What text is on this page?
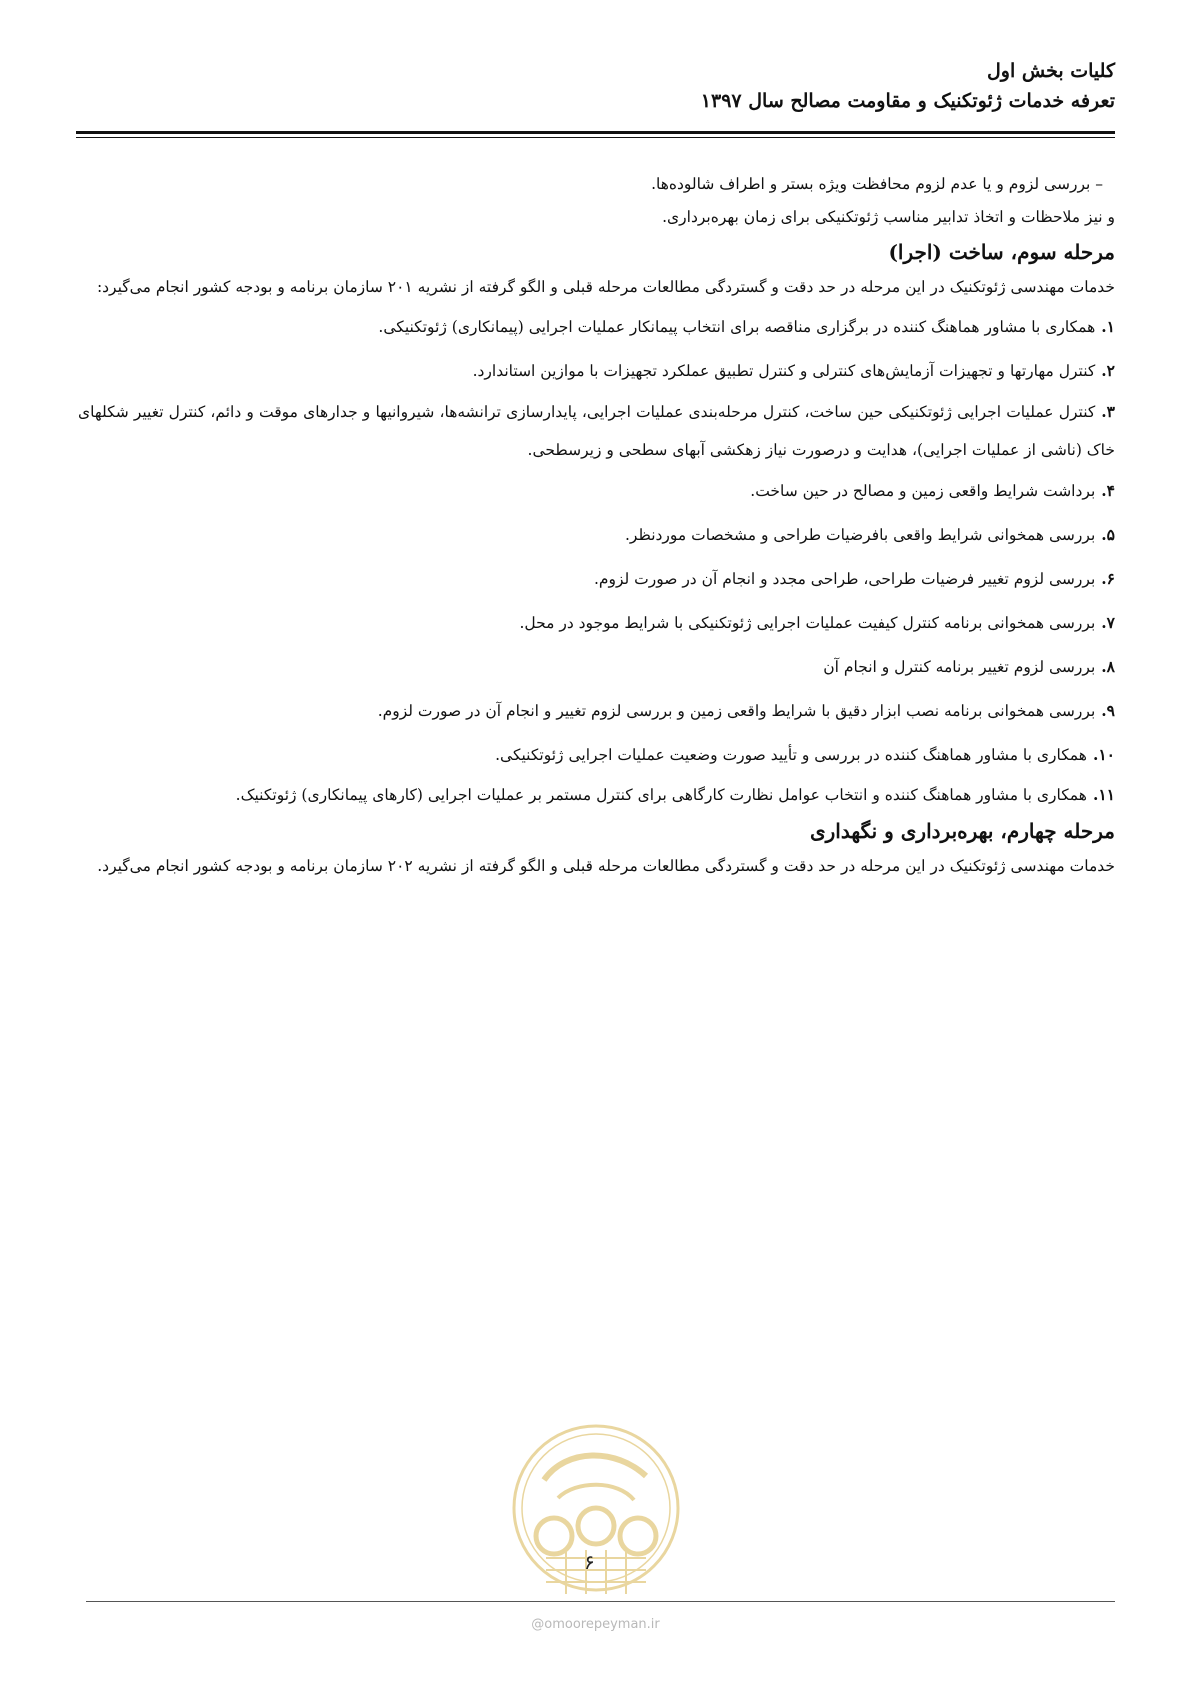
کلیات بخش اول

تعرفه خدمات ژئوتکنیک و مقاومت مصالح سال ۱۳۹۷

– بررسی لزوم و یا عدم لزوم محافظت ویژه بستر و اطراف شالوده‌ها.

و نیز ملاحظات و اتخاذ تدابیر مناسب ژئوتکنیکی برای زمان بهره‌برداری.

مرحله سوم، ساخت (اجرا)

خدمات مهندسی ژئوتکنیک در این مرحله در حد دقت و گستردگی مطالعات مرحله قبلی و الگو گرفته از نشریه ۲۰۱ سازمان برنامه و بودجه کشور انجام می‌گیرد:

۱.همکاری با مشاور هماهنگ کننده در برگزاری مناقصه برای انتخاب پیمانکار عملیات اجرایی (پیمانکاری) ژئوتکنیکی.
۲.کنترل مهارتها و تجهیزات آزمایش‌های کنترلی و کنترل تطبیق عملکرد تجهیزات با موازین استاندارد.
۳.کنترل عملیات اجرایی ژئوتکنیکی حین ساخت، کنترل مرحله‌بندی عملیات اجرایی، پایدارسازی ترانشه‌ها، شیروانیها و جدارهای موقت و دائم، کنترل تغییر شکلهای خاک (ناشی از عملیات اجرایی)، هدایت و درصورت نیاز زهکشی آبهای سطحی و زیرسطحی.
۴.برداشت شرایط واقعی زمین و مصالح در حین ساخت.
۵.بررسی همخوانی شرایط واقعی بافرضیات طراحی و مشخصات موردنظر.
۶.بررسی لزوم تغییر فرضیات طراحی، طراحی مجدد و انجام آن در صورت لزوم.
۷.بررسی همخوانی برنامه کنترل کیفیت عملیات اجرایی ژئوتکنیکی با شرایط موجود در محل.
۸.بررسی لزوم تغییر برنامه کنترل و انجام آن
۹.بررسی همخوانی برنامه نصب ابزار دقیق با شرایط واقعی زمین و بررسی لزوم تغییر و انجام آن در صورت لزوم.
۱۰.همکاری با مشاور هماهنگ کننده در بررسی و تأیید صورت وضعیت عملیات اجرایی ژئوتکنیکی.
۱۱.همکاری با مشاور هماهنگ کننده و انتخاب عوامل نظارت کارگاهی برای کنترل مستمر بر عملیات اجرایی (کارهای پیمانکاری) ژئوتکنیک.
مرحله چهارم، بهره‌برداری و نگهداری

خدمات مهندسی ژئوتکنیک در این مرحله در حد دقت و گستردگی مطالعات مرحله قبلی و الگو گرفته از نشریه ۲۰۲ سازمان برنامه و بودجه کشور انجام می‌گیرد.

۶
@omoorepeyman.ir
